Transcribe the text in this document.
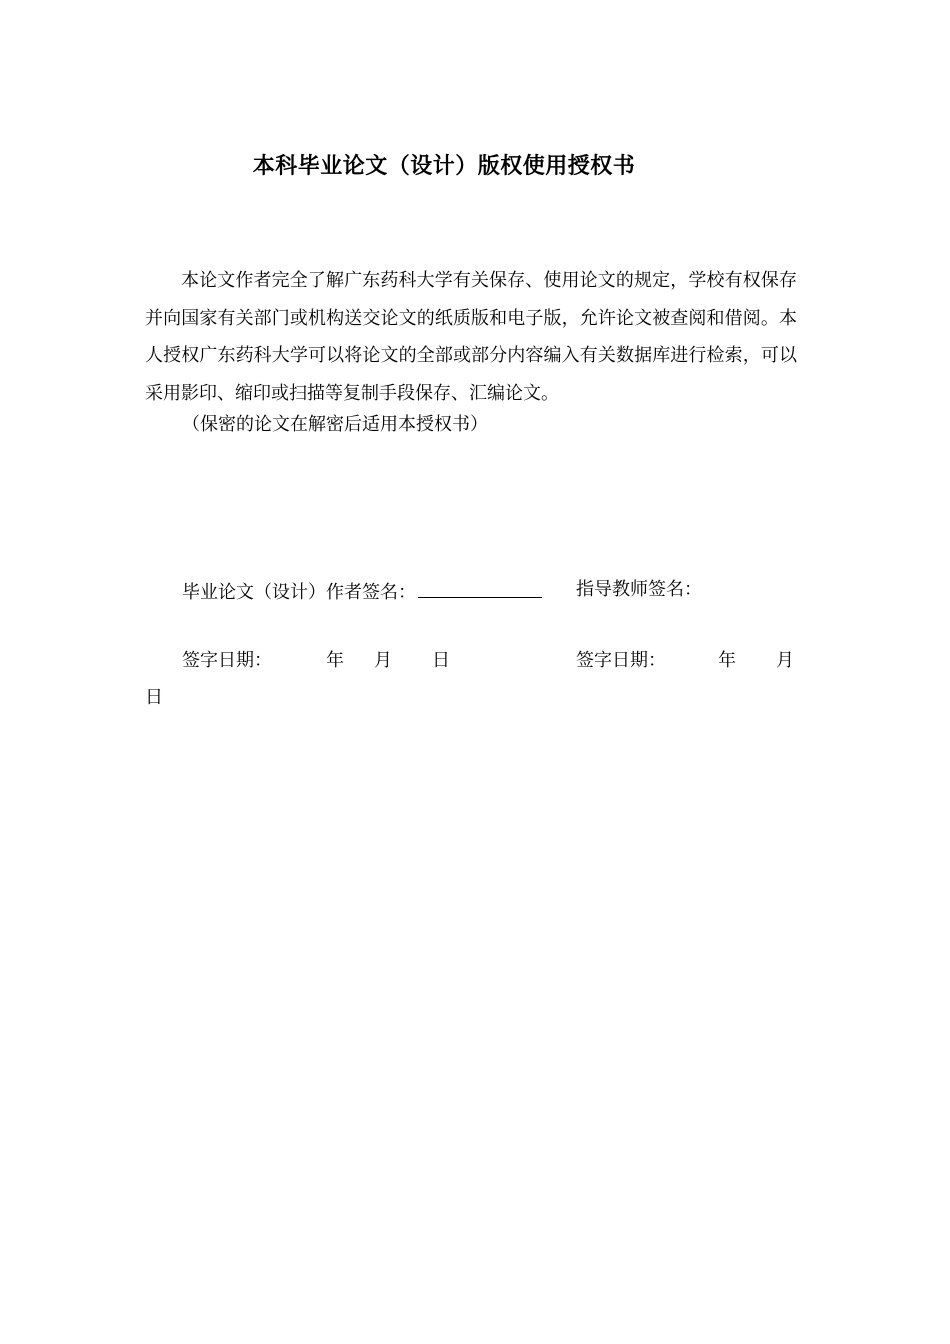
本科毕业论文（设计）版权使用授权书

本论文作者完全了解广东药科大学有关保存、使用论文的规定，学校有权保存并向国家有关部门或机构送交论文的纸质版和电子版，允许论文被查阅和借阅。本人授权广东药科大学可以将论文的全部或部分内容编入有关数据库进行检索，可以采用影印、缩印或扫描等复制手段保存、汇编论文。

（保密的论文在解密后适用本授权书）
毕业论文（设计）作者签名：	指导教师签名：
签字日期：	年 月 日	签字日期：	年 月
日
